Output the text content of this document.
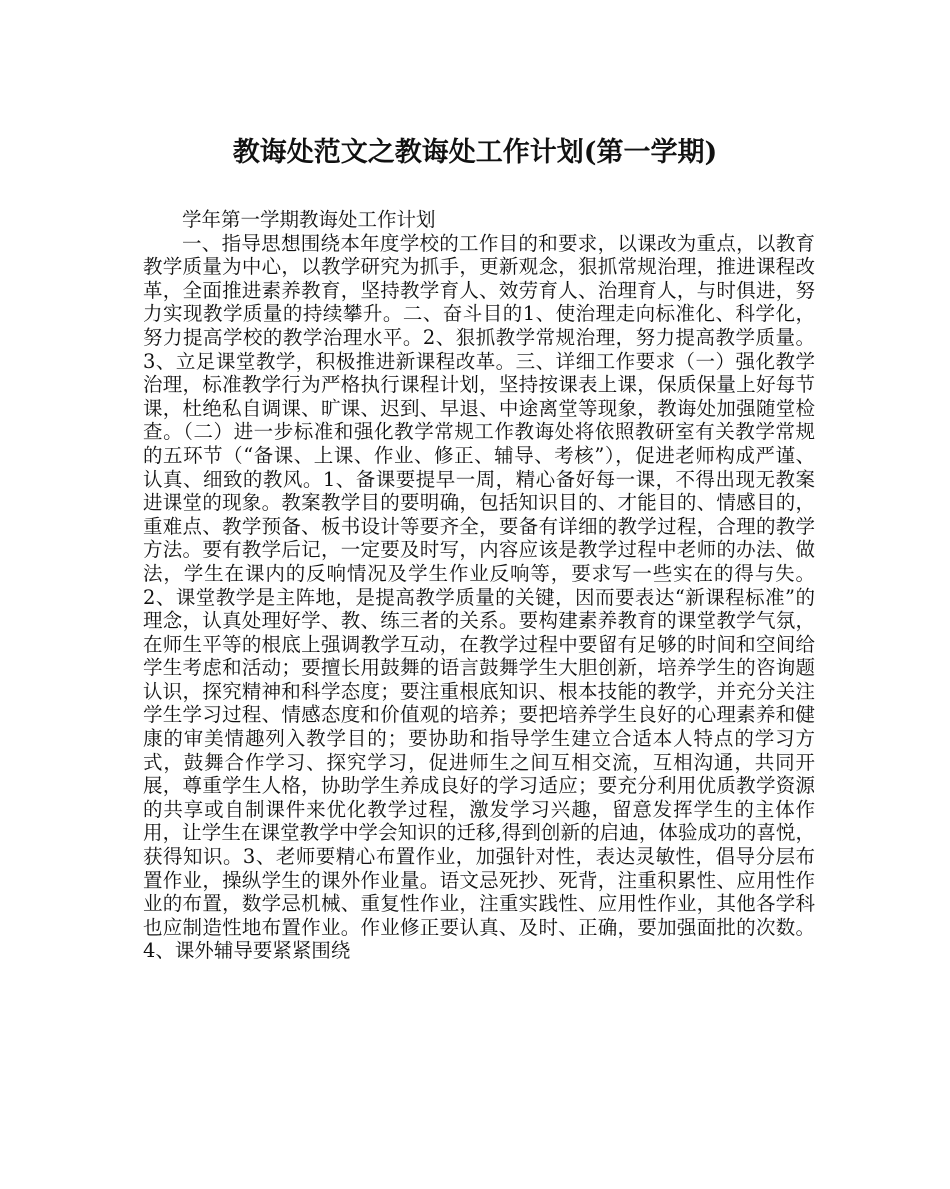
教诲处范文之教诲处工作计划(第一学期)

学年第一学期教诲处工作计划

一、指导思想围绕本年度学校的工作目的和要求，以课改为重点，以教育教学质量为中心，以教学研究为抓手，更新观念，狠抓常规治理，推进课程改革，全面推进素养教育，坚持教学育人、效劳育人、治理育人，与时俱进，努力实现教学质量的持续攀升。二、奋斗目的1、使治理走向标准化、科学化，努力提高学校的教学治理水平。2、狠抓教学常规治理，努力提高教学质量。3、立足课堂教学，积极推进新课程改革。三、详细工作要求（一）强化教学治理，标准教学行为严格执行课程计划，坚持按课表上课，保质保量上好每节课，杜绝私自调课、旷课、迟到、早退、中途离堂等现象，教诲处加强随堂检查。（二）进一步标准和强化教学常规工作教诲处将依照教研室有关教学常规的五环节（“备课、上课、作业、修正、辅导、考核”），促进老师构成严谨、认真、细致的教风。1、备课要提早一周，精心备好每一课，不得出现无教案进课堂的现象。教案教学目的要明确，包括知识目的、才能目的、情感目的，重难点、教学预备、板书设计等要齐全，要备有详细的教学过程，合理的教学方法。要有教学后记，一定要及时写，内容应该是教学过程中老师的办法、做法，学生在课内的反响情况及学生作业反响等，要求写一些实在的得与失。2、课堂教学是主阵地，是提高教学质量的关键，因而要表达“新课程标准”的理念，认真处理好学、教、练三者的关系。要构建素养教育的课堂教学气氛，在师生平等的根底上强调教学互动，在教学过程中要留有足够的时间和空间给学生考虑和活动；要擅长用鼓舞的语言鼓舞学生大胆创新，培养学生的咨询题认识，探究精神和科学态度；要注重根底知识、根本技能的教学，并充分关注学生学习过程、情感态度和价值观的培养；要把培养学生良好的心理素养和健康的审美情趣列入教学目的；要协助和指导学生建立合适本人特点的学习方式，鼓舞合作学习、探究学习，促进师生之间互相交流，互相沟通，共同开展，尊重学生人格，协助学生养成良好的学习适应；要充分利用优质教学资源的共享或自制课件来优化教学过程，激发学习兴趣，留意发挥学生的主体作用，让学生在课堂教学中学会知识的迁移,得到创新的启迪，体验成功的喜悦，获得知识。3、老师要精心布置作业，加强针对性，表达灵敏性，倡导分层布置作业，操纵学生的课外作业量。语文忌死抄、死背，注重积累性、应用性作业的布置，数学忌机械、重复性作业，注重实践性、应用性作业，其他各学科也应制造性地布置作业。作业修正要认真、及时、正确，要加强面批的次数。4、课外辅导要紧紧围绕
